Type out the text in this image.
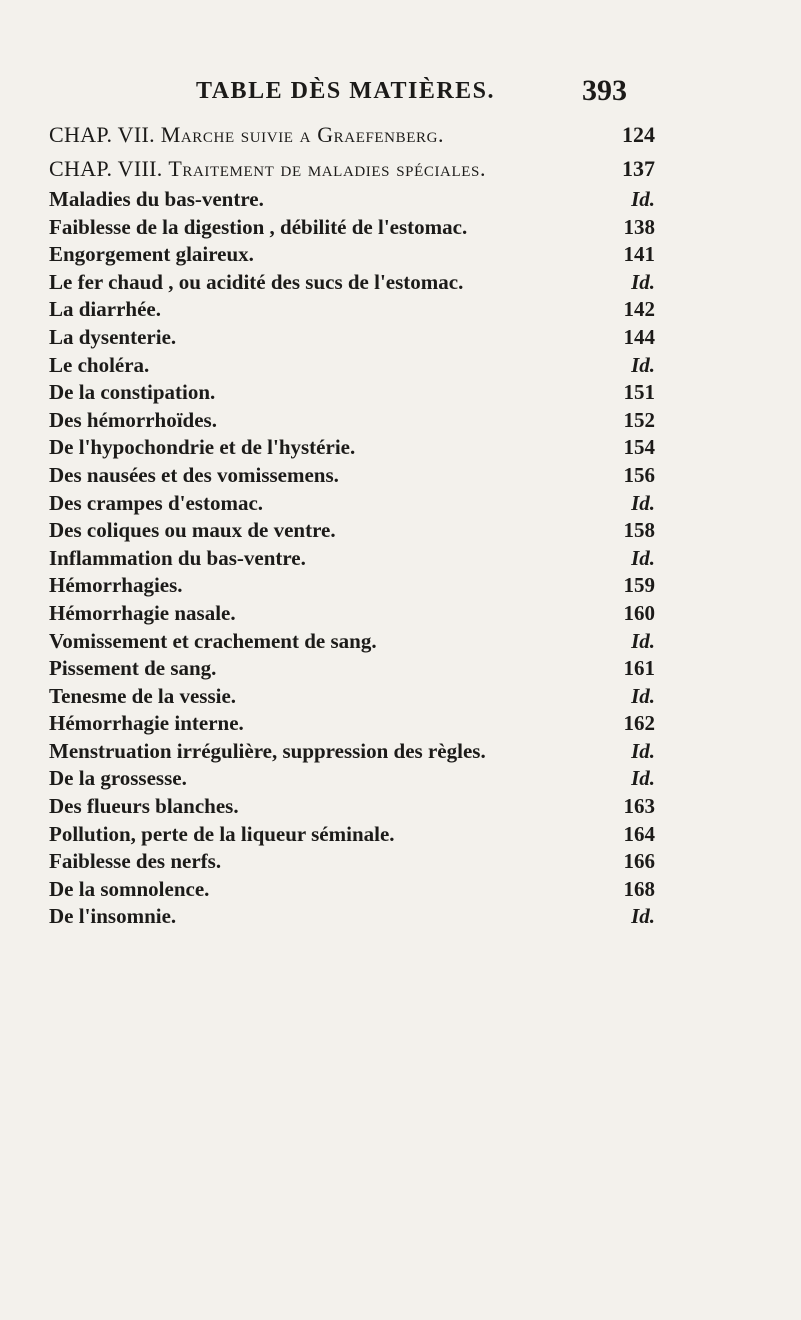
TABLE DÈS MATIÈRES.	393
CHAP. VII. Marche suivie a Graefenberg.	124
CHAP. VIII. Traitement de maladies spéciales.	137
Maladies du bas-ventre.	Id.
Faiblesse de la digestion , débilité de l'estomac.	138
Engorgement glaireux.	141
Le fer chaud , ou acidité des sucs de l'estomac.	Id.
La diarrhée.	142
La dysenterie.	144
Le choléra.	Id.
De la constipation.	151
Des hémorrhoïdes.	152
De l'hypochondrie et de l'hystérie.	154
Des nausées et des vomissemens.	156
Des crampes d'estomac.	Id.
Des coliques ou maux de ventre.	158
Inflammation du bas-ventre.	Id.
Hémorrhagies.	159
Hémorrhagie nasale.	160
Vomissement et crachement de sang.	Id.
Pissement de sang.	161
Tenesme de la vessie.	Id.
Hémorrhagie interne.	162
Menstruation irrégulière, suppression des règles.	Id.
De la grossesse.	Id.
Des flueurs blanches.	163
Pollution, perte de la liqueur séminale.	164
Faiblesse des nerfs.	166
De la somnolence.	168
De l'insomnie.	Id.
